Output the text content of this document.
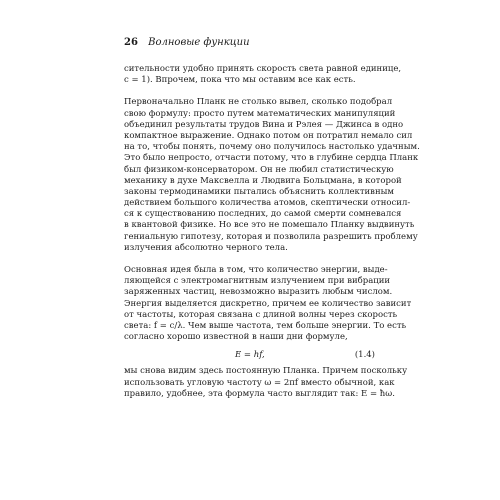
26 Волновые функции
сительности удобно принять скорость света равной единице,
c = 1). Впрочем, пока что мы оставим все как есть.
Первоначально Планк не столько вывел, сколько подобрал
свою формулу: просто путем математических манипуляций
объединил результаты трудов Вина и Рэлея — Джинса в одно
компактное выражение. Однако потом он потратил немало сил
на то, чтобы понять, почему оно получилось настолько удачным.
Это было непросто, отчасти потому, что в глубине сердца Планк
был физиком-консерватором. Он не любил статистическую
механику в духе Максвелла и Людвига Больцмана, в которой
законы термодинамики пытались объяснить коллективным
действием большого количества атомов, скептически относил-
ся к существованию последних, до самой смерти сомневался
в квантовой физике. Но все это не помешало Планку выдвинуть
гениальную гипотезу, которая и позволила разрешить проблему
излучения абсолютно черного тела.
Основная идея была в том, что количество энергии, выде-
ляющейся с электромагнитным излучением при вибрации
заряженных частиц, невозможно выразить любым числом.
Энергия выделяется дискретно, причем ее количество зависит
от частоты, которая связана с длиной волны через скорость
света: f = c/λ. Чем выше частота, тем больше энергии. То есть
согласно хорошо известной в наши дни формуле,
E = hf,	(1.4)
мы снова видим здесь постоянную Планка. Причем поскольку
использовать угловую частоту ω = 2πf вместо обычной, как
правило, удобнее, эта формула часто выглядит так: E = ħω.
